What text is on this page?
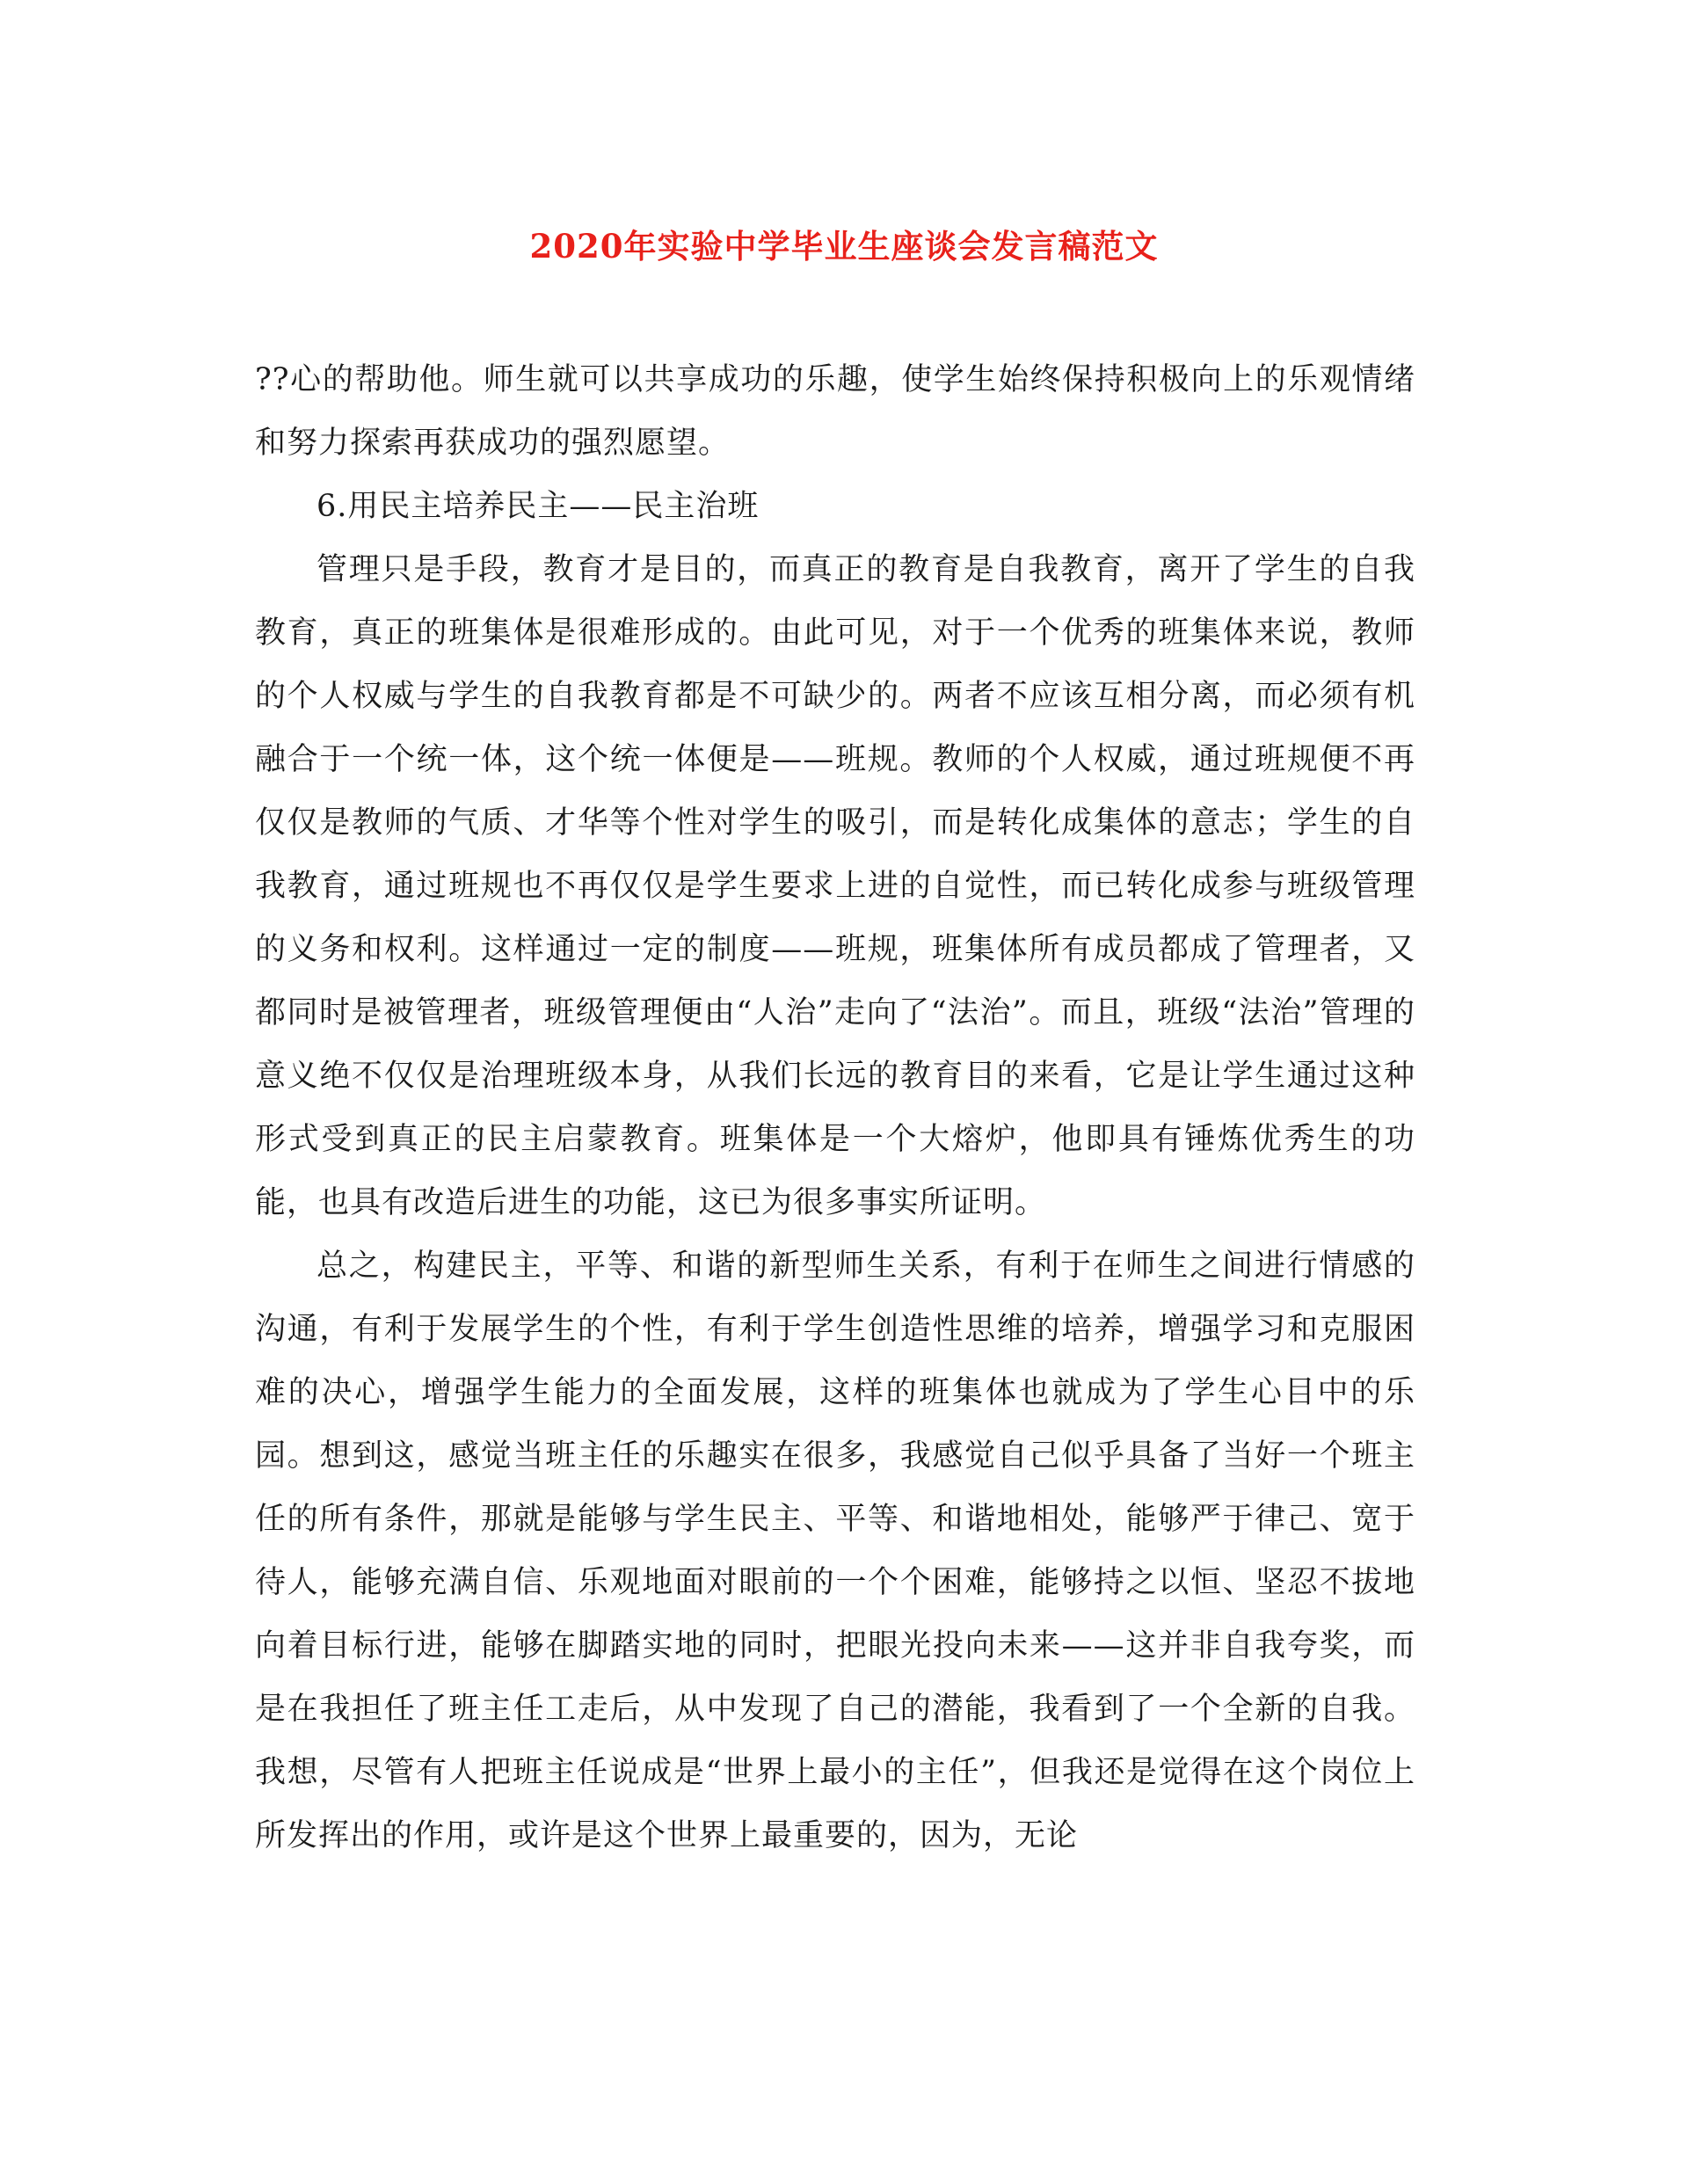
2020年实验中学毕业生座谈会发言稿范文

??心的帮助他。师生就可以共享成功的乐趣，使学生始终保持积极向上的乐观情绪和努力探索再获成功的强烈愿望。

6.用民主培养民主——民主治班

管理只是手段，教育才是目的，而真正的教育是自我教育，离开了学生的自我教育，真正的班集体是很难形成的。由此可见，对于一个优秀的班集体来说，教师的个人权威与学生的自我教育都是不可缺少的。两者不应该互相分离，而必须有机融合于一个统一体，这个统一体便是——班规。教师的个人权威，通过班规便不再仅仅是教师的气质、才华等个性对学生的吸引，而是转化成集体的意志；学生的自我教育，通过班规也不再仅仅是学生要求上进的自觉性，而已转化成参与班级管理的义务和权利。这样通过一定的制度——班规，班集体所有成员都成了管理者，又都同时是被管理者，班级管理便由“人治”走向了“法治”。而且，班级“法治”管理的意义绝不仅仅是治理班级本身，从我们长远的教育目的来看，它是让学生通过这种形式受到真正的民主启蒙教育。班集体是一个大熔炉，他即具有锤炼优秀生的功能，也具有改造后进生的功能，这已为很多事实所证明。

总之，构建民主，平等、和谐的新型师生关系，有利于在师生之间进行情感的沟通，有利于发展学生的个性，有利于学生创造性思维的培养，增强学习和克服困难的决心，增强学生能力的全面发展，这样的班集体也就成为了学生心目中的乐园。想到这，感觉当班主任的乐趣实在很多，我感觉自己似乎具备了当好一个班主任的所有条件，那就是能够与学生民主、平等、和谐地相处，能够严于律己、宽于待人，能够充满自信、乐观地面对眼前的一个个困难，能够持之以恒、坚忍不拔地向着目标行进，能够在脚踏实地的同时，把眼光投向未来——这并非自我夸奖，而是在我担任了班主任工走后，从中发现了自己的潜能，我看到了一个全新的自我。我想，尽管有人把班主任说成是“世界上最小的主任”，但我还是觉得在这个岗位上所发挥出的作用，或许是这个世界上最重要的，因为，无论
